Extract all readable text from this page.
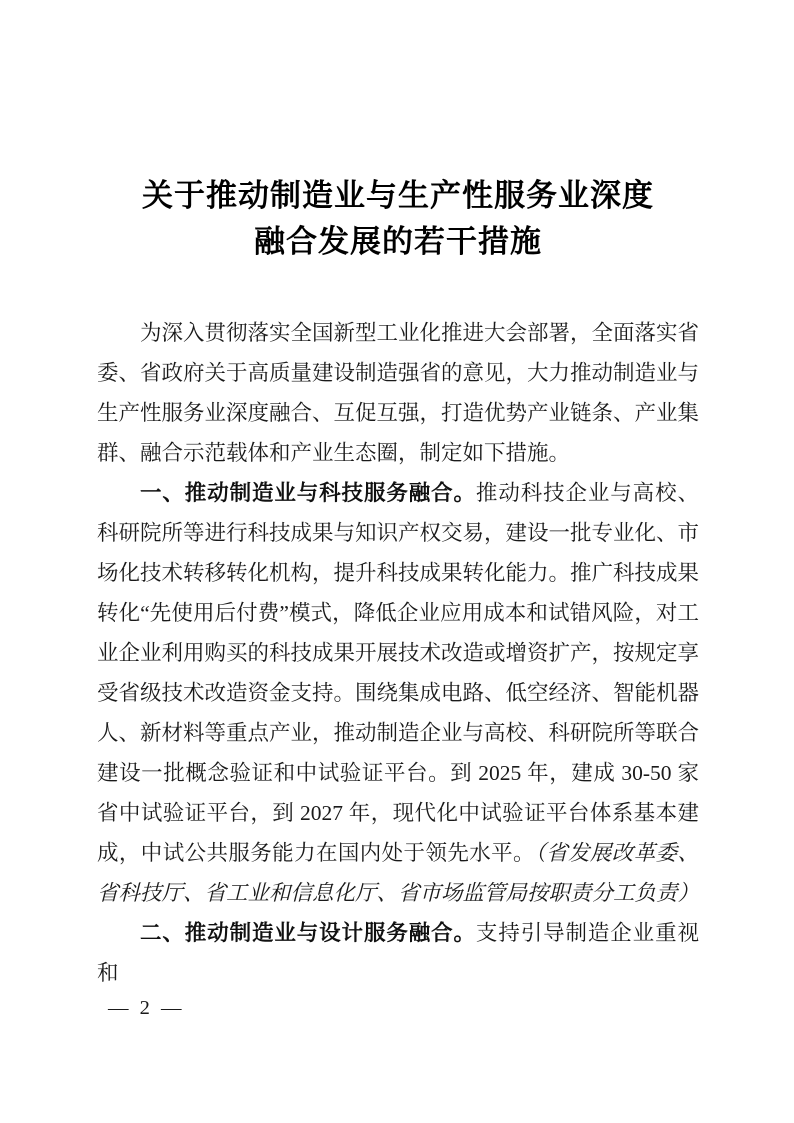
关于推动制造业与生产性服务业深度
融合发展的若干措施

为深入贯彻落实全国新型工业化推进大会部署，全面落实省委、省政府关于高质量建设制造强省的意见，大力推动制造业与生产性服务业深度融合、互促互强，打造优势产业链条、产业集群、融合示范载体和产业生态圈，制定如下措施。

一、推动制造业与科技服务融合。推动科技企业与高校、科研院所等进行科技成果与知识产权交易，建设一批专业化、市场化技术转移转化机构，提升科技成果转化能力。推广科技成果转化“先使用后付费”模式，降低企业应用成本和试错风险，对工业企业利用购买的科技成果开展技术改造或增资扩产，按规定享受省级技术改造资金支持。围绕集成电路、低空经济、智能机器人、新材料等重点产业，推动制造企业与高校、科研院所等联合建设一批概念验证和中试验证平台。到 2025 年，建成 30-50 家省中试验证平台，到 2027 年，现代化中试验证平台体系基本建成，中试公共服务能力在国内处于领先水平。（省发展改革委、省科技厅、省工业和信息化厅、省市场监管局按职责分工负责）

二、推动制造业与设计服务融合。支持引导制造企业重视和

— 2 —
